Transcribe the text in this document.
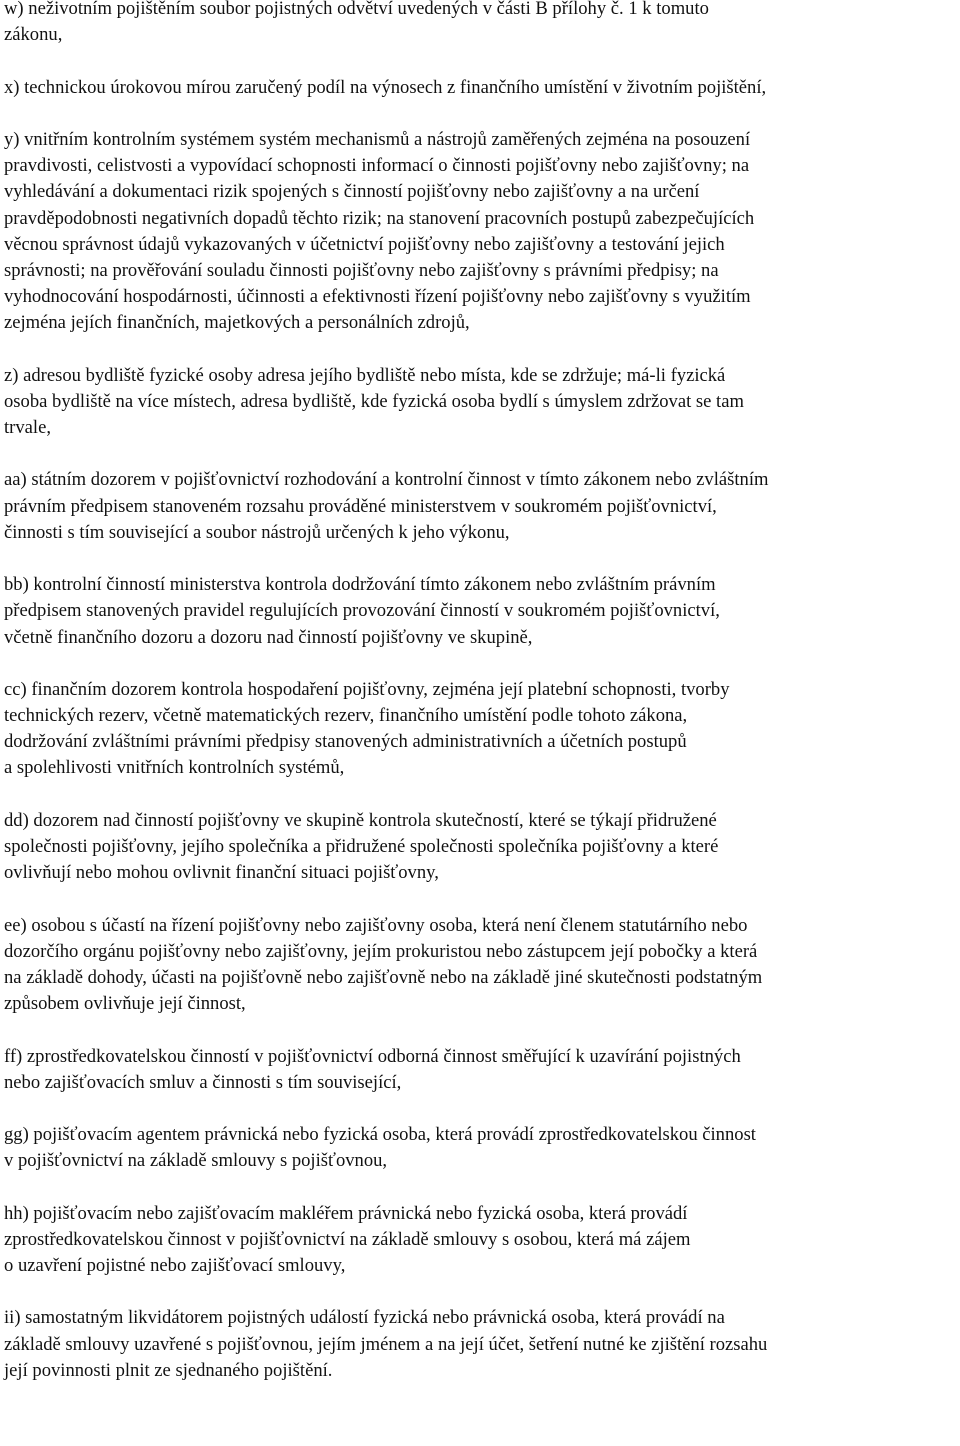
w) neživotním pojištěním soubor pojistných odvětví uvedených v části B přílohy č. 1 k tomuto
zákonu,
x) technickou úrokovou mírou zaručený podíl na výnosech z finančního umístění v životním pojištění,
y) vnitřním kontrolním systémem systém mechanismů a nástrojů zaměřených zejména na posouzení
pravdivosti, celistvosti a vypovídací schopnosti informací o činnosti pojišťovny nebo zajišťovny; na
vyhledávání a dokumentaci rizik spojených s činností pojišťovny nebo zajišťovny a na určení
pravděpodobnosti negativních dopadů těchto rizik; na stanovení pracovních postupů zabezpečujících
věcnou správnost údajů vykazovaných v účetnictví pojišťovny nebo zajišťovny a testování jejich
správnosti; na prověřování souladu činnosti pojišťovny nebo zajišťovny s právními předpisy; na
vyhodnocování hospodárnosti, účinnosti a efektivnosti řízení pojišťovny nebo zajišťovny s využitím
zejména jejích finančních, majetkových a personálních zdrojů,
z) adresou bydliště fyzické osoby adresa jejího bydliště nebo místa, kde se zdržuje; má-li fyzická
osoba bydliště na více místech, adresa bydliště, kde fyzická osoba bydlí s úmyslem zdržovat se tam
trvale,
aa) státním dozorem v pojišťovnictví rozhodování a kontrolní činnost v tímto zákonem nebo zvláštním
právním předpisem stanoveném rozsahu prováděné ministerstvem v soukromém pojišťovnictví,
činnosti s tím související a soubor nástrojů určených k jeho výkonu,
bb) kontrolní činností ministerstva kontrola dodržování tímto zákonem nebo zvláštním právním
předpisem stanovených pravidel regulujících provozování činností v soukromém pojišťovnictví,
včetně finančního dozoru a dozoru nad činností pojišťovny ve skupině,
cc) finančním dozorem kontrola hospodaření pojišťovny, zejména její platební schopnosti, tvorby
technických rezerv, včetně matematických rezerv, finančního umístění podle tohoto zákona,
dodržování zvláštními právními předpisy stanovených administrativních a účetních postupů
a spolehlivosti vnitřních kontrolních systémů,
dd) dozorem nad činností pojišťovny ve skupině kontrola skutečností, které se týkají přidružené
společnosti pojišťovny, jejího společníka a přidružené společnosti společníka pojišťovny a které
ovlivňují nebo mohou ovlivnit finanční situaci pojišťovny,
ee) osobou s účastí na řízení pojišťovny nebo zajišťovny osoba, která není členem statutárního nebo
dozorčího orgánu pojišťovny nebo zajišťovny, jejím prokuristou nebo zástupcem její pobočky a která
na základě dohody, účasti na pojišťovně nebo zajišťovně nebo na základě jiné skutečnosti podstatným
způsobem ovlivňuje její činnost,
ff) zprostředkovatelskou činností v pojišťovnictví odborná činnost směřující k uzavírání pojistných
nebo zajišťovacích smluv a činnosti s tím související,
gg) pojišťovacím agentem právnická nebo fyzická osoba, která provádí zprostředkovatelskou činnost
v pojišťovnictví na základě smlouvy s pojišťovnou,
hh) pojišťovacím nebo zajišťovacím makléřem právnická nebo fyzická osoba, která provádí
zprostředkovatelskou činnost v pojišťovnictví na základě smlouvy s osobou, která má zájem
o uzavření pojistné nebo zajišťovací smlouvy,
ii) samostatným likvidátorem pojistných událostí fyzická nebo právnická osoba, která provádí na
základě smlouvy uzavřené s pojišťovnou, jejím jménem a na její účet, šetření nutné ke zjištění rozsahu
její povinnosti plnit ze sjednaného pojištění.
